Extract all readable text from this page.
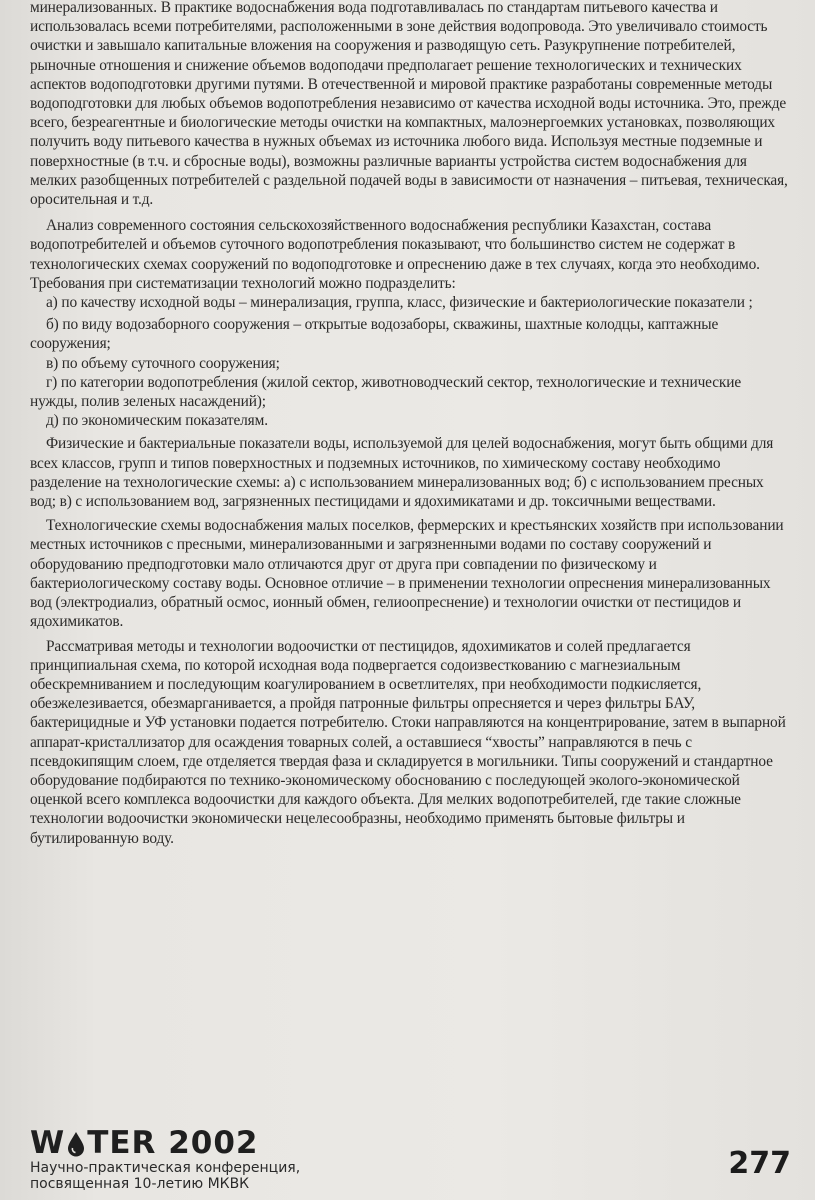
минерализованных. В практике водоснабжения вода подготавливалась по стандартам питьевого качества и использовалась всеми потребителями, расположенными в зоне действия водопровода. Это увеличивало стоимость очистки и завышало капитальные вложения на сооружения и разводящую сеть. Разукрупнение потребителей, рыночные отношения и снижение объемов водоподачи предполагает решение технологических и технических аспектов водоподготовки другими путями. В отечественной и мировой практике разработаны современные методы водоподготовки для любых объемов водопотребления независимо от качества исходной воды источника. Это, прежде всего, безреагентные и биологические методы очистки на компактных, малоэнергоемких установках, позволяющих получить воду питьевого качества в нужных объемах из источника любого вида. Используя местные подземные и поверхностные (в т.ч. и сбросные воды), возможны различные варианты устройства систем водоснабжения для мелких разобщенных потребителей с раздельной подачей воды в зависимости от назначения – питьевая, техническая, оросительная и т.д.

Анализ современного состояния сельскохозяйственного водоснабжения республики Казахстан, состава водопотребителей и объемов суточного водопотребления показывают, что большинство систем не содержат в технологических схемах сооружений по водоподготовке и опреснению даже в тех случаях, когда это необходимо. Требования при систематизации технологий можно подразделить:

а) по качеству исходной воды – минерализация, группа, класс, физические и бактериологические показатели ;

б) по виду водозаборного сооружения – открытые водозаборы, скважины, шахтные колодцы, каптажные сооружения;

в) по объему суточного сооружения;

г) по категории водопотребления (жилой сектор, животноводческий сектор, технологические и технические нужды, полив зеленых насаждений);

д) по экономическим показателям.

Физические и бактериальные показатели воды, используемой для целей водоснабжения, могут быть общими для всех классов, групп и типов поверхностных и подземных источников, по химическому составу необходимо разделение на технологические схемы: а) с использованием минерализованных вод; б) с использованием пресных вод; в) с использованием вод, загрязненных пестицидами и ядохимикатами и др. токсичными веществами.

Технологические схемы водоснабжения малых поселков, фермерских и крестьянских хозяйств при использовании местных источников с пресными, минерализованными и загрязненными водами по составу сооружений и оборудованию предподготовки мало отличаются друг от друга при совпадении по физическому и бактериологическому составу воды. Основное отличие – в применении технологии опреснения минерализованных вод (электродиализ, обратный осмос, ионный обмен, гелиоопреснение) и технологии очистки от пестицидов и ядохимикатов.

Рассматривая методы и технологии водоочистки от пестицидов, ядохимикатов и солей предлагается принципиальная схема, по которой исходная вода подвергается содоизвесткованию с магнезиальным обескремниванием и последующим коагулированием в осветлителях, при необходимости подкисляется, обезжелезивается, обезмарганивается, а пройдя патронные фильтры опресняется и через фильтры БАУ, бактерицидные и УФ установки подается потребителю. Стоки направляются на концентрирование, затем в выпарной аппарат-кристаллизатор для осаждения товарных солей, а оставшиеся “хвосты” направляются в печь с псевдокипящим слоем, где отделяется твердая фаза и складируется в могильники. Типы сооружений и стандартное оборудование подбираются по технико-экономическому обоснованию с последующей эколого-экономической оценкой всего комплекса водоочистки для каждого объекта. Для мелких водопотребителей, где такие сложные технологии водоочистки экономически нецелесообразны, необходимо применять бытовые фильтры и бутилированную воду.

W TER 2002
Научно-практическая конференция,
посвященная 10-летию МКВК
277
